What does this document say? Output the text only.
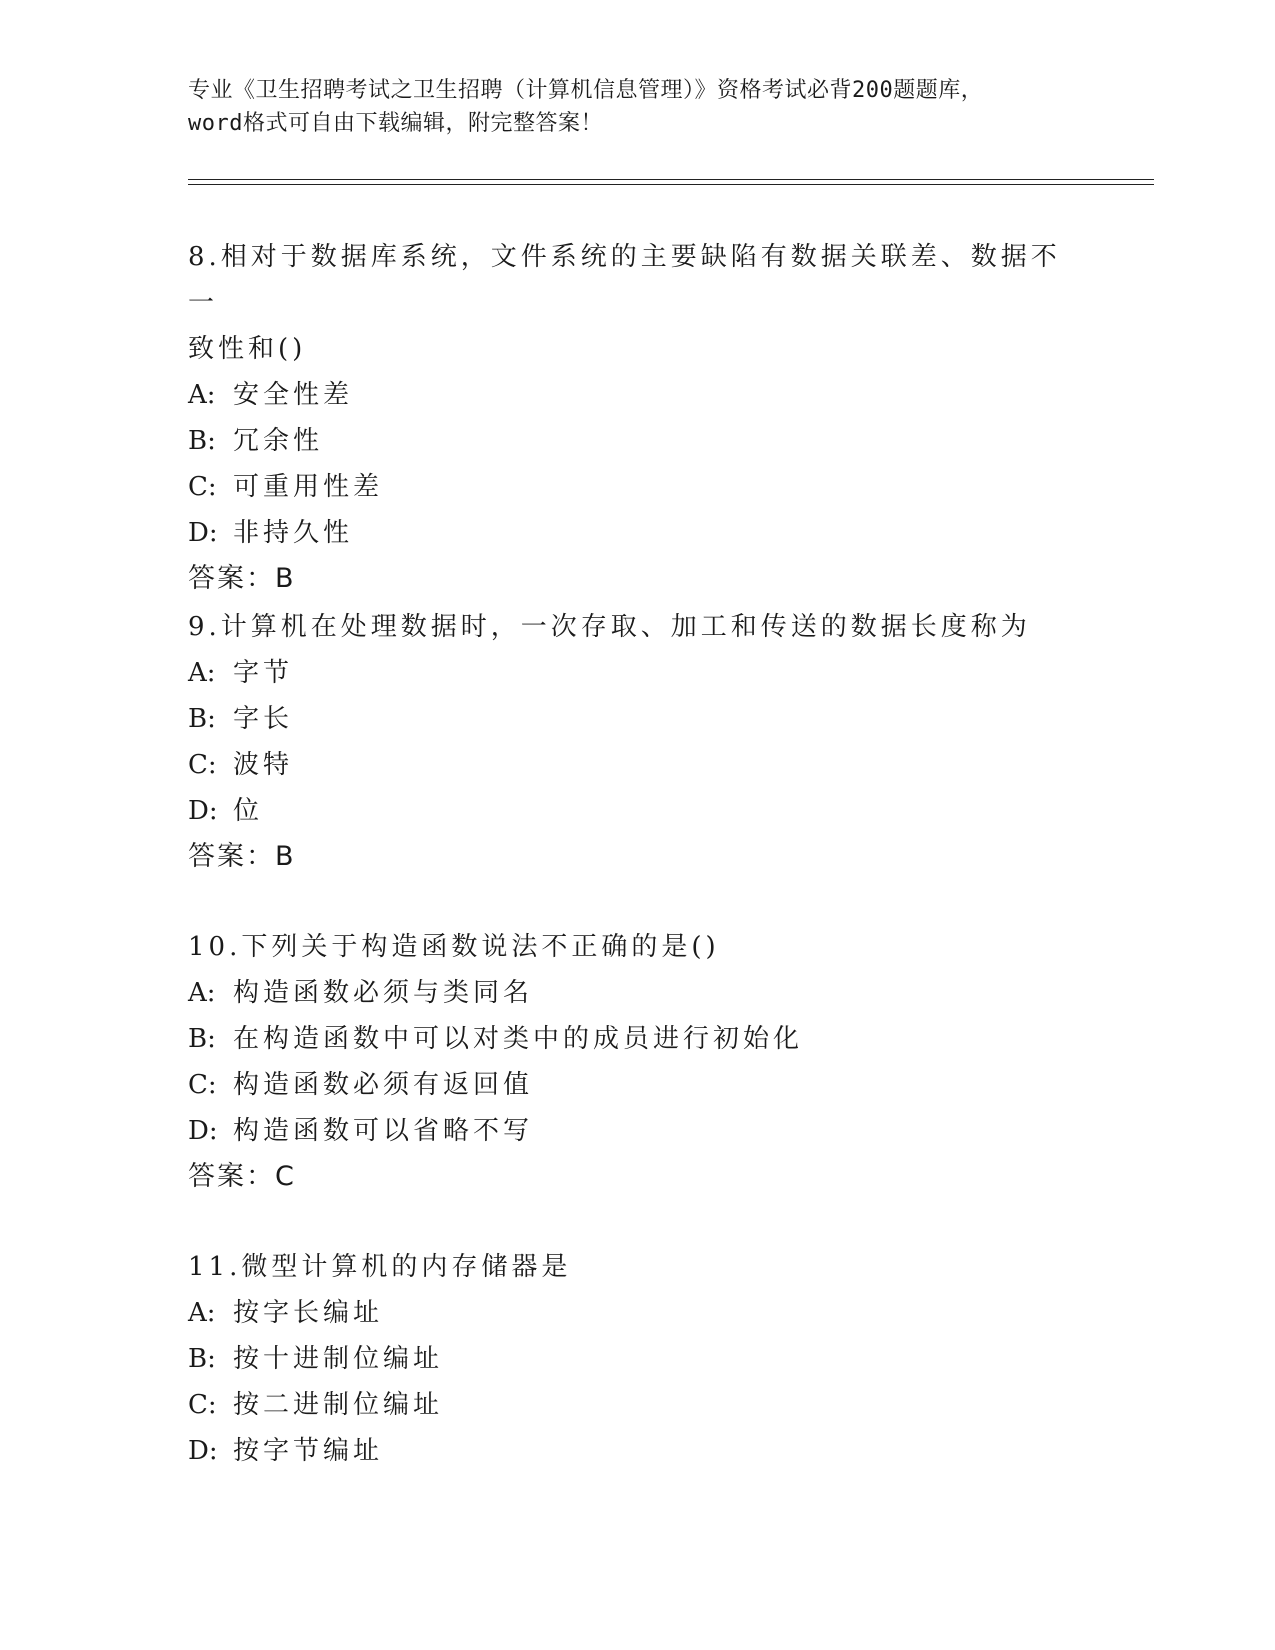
专业《卫生招聘考试之卫生招聘（计算机信息管理）》资格考试必背200题题库，
word格式可自由下载编辑，附完整答案！

8.相对于数据库系统，文件系统的主要缺陷有数据关联差、数据不一

致性和()

A: 安全性差

B: 冗余性

C: 可重用性差

D: 非持久性

答案：B

9.计算机在处理数据时，一次存取、加工和传送的数据长度称为

A: 字节

B: 字长

C: 波特

D: 位

答案：B

10.下列关于构造函数说法不正确的是()

A: 构造函数必须与类同名

B: 在构造函数中可以对类中的成员进行初始化

C: 构造函数必须有返回值

D: 构造函数可以省略不写

答案：C

11.微型计算机的内存储器是

A: 按字长编址

B: 按十进制位编址

C: 按二进制位编址

D: 按字节编址
